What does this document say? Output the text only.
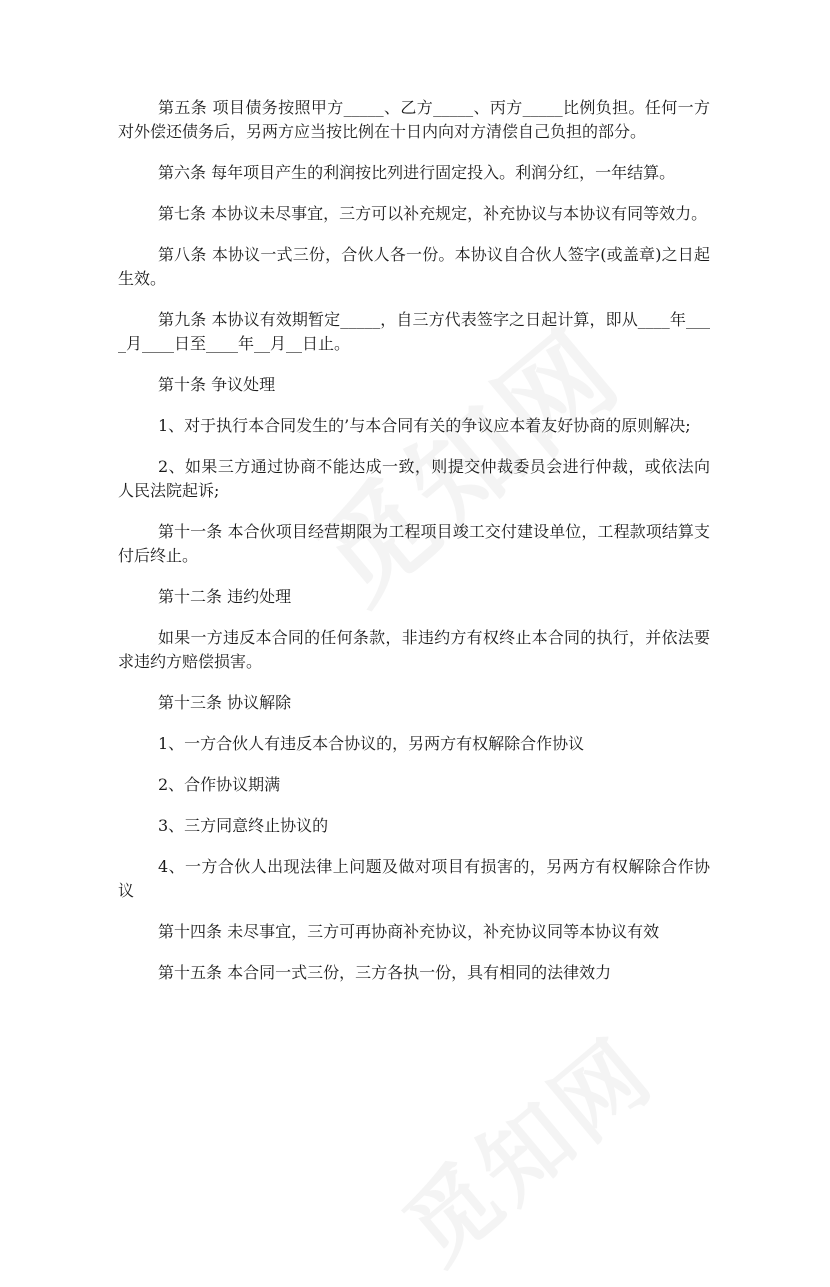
第五条 项目债务按照甲方_____、乙方_____、丙方_____比例负担。任何一方对外偿还债务后，另两方应当按比例在十日内向对方清偿自己负担的部分。

第六条 每年项目产生的利润按比列进行固定投入。利润分红，一年结算。

第七条 本协议未尽事宜，三方可以补充规定，补充协议与本协议有同等效力。

第八条 本协议一式三份，合伙人各一份。本协议自合伙人签字(或盖章)之日起生效。

第九条 本协议有效期暂定_____，自三方代表签字之日起计算，即从____年____月____日至____年__月__日止。

第十条 争议处理

1、对于执行本合同发生的’与本合同有关的争议应本着友好协商的原则解决;

2、如果三方通过协商不能达成一致，则提交仲裁委员会进行仲裁，或依法向人民法院起诉;

第十一条 本合伙项目经营期限为工程项目竣工交付建设单位，工程款项结算支付后终止。

第十二条 违约处理

如果一方违反本合同的任何条款，非违约方有权终止本合同的执行，并依法要求违约方赔偿损害。

第十三条 协议解除

1、一方合伙人有违反本合协议的，另两方有权解除合作协议

2、合作协议期满

3、三方同意终止协议的

4、一方合伙人出现法律上问题及做对项目有损害的，另两方有权解除合作协议

第十四条 未尽事宜，三方可再协商补充协议，补充协议同等本协议有效

第十五条 本合同一式三份，三方各执一份，具有相同的法律效力
